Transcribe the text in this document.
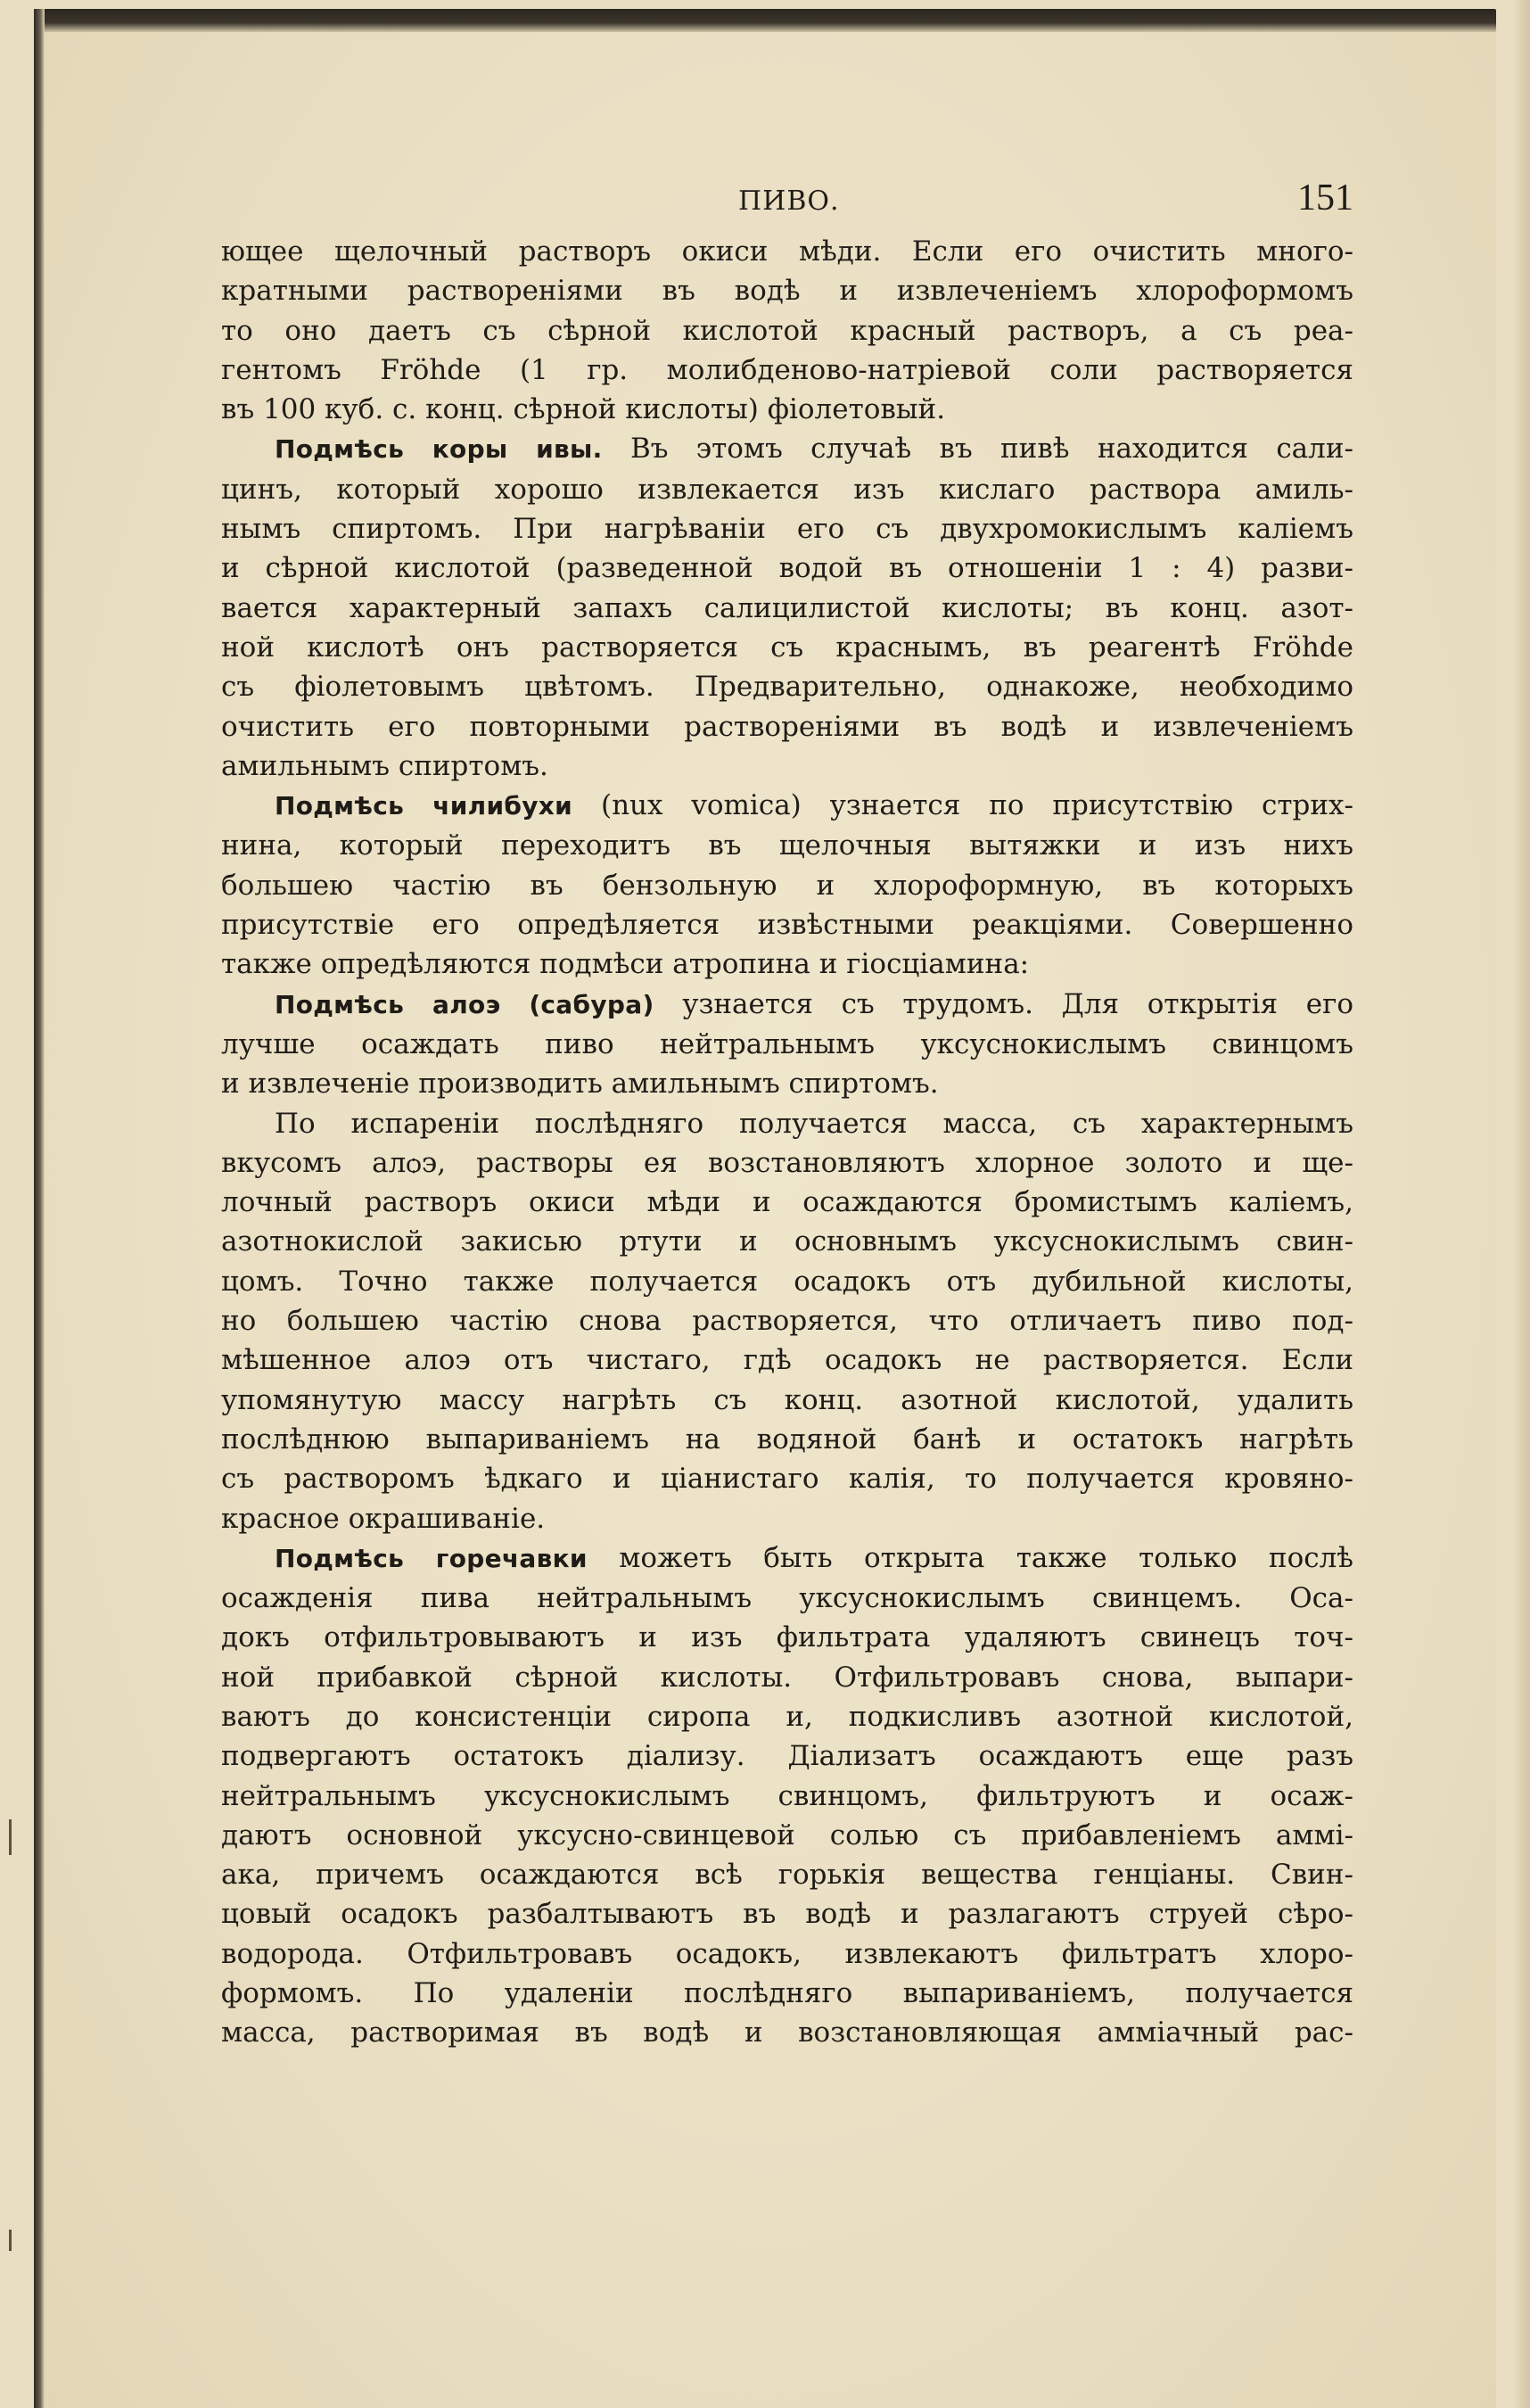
ПИВО.	151

ющее щелочный растворъ окиси мѣди. Если его очистить много-
кратными раствореніями въ водѣ и извлеченіемъ хлороформомъ
то оно даетъ съ сѣрной кислотой красный растворъ, а съ реа-
гентомъ Fröhde (1 гр. молибденово-натріевой соли растворяется
въ 100 куб. с. конц. сѣрной кислоты) фіолетовый.

Подмѣсь коры ивы. Въ этомъ случаѣ въ пивѣ находится сали-
цинъ, который хорошо извлекается изъ кислаго раствора амиль-
нымъ спиртомъ. При нагрѣваніи его съ двухромокислымъ каліемъ
и сѣрной кислотой (разведенной водой въ отношеніи 1 : 4) разви-
вается характерный запахъ салицилистой кислоты; въ конц. азот-
ной кислотѣ онъ растворяется съ краснымъ, въ реагентѣ Fröhde
съ фіолетовымъ цвѣтомъ. Предварительно, однакоже, необходимо
очистить его повторными раствореніями въ водѣ и извлеченіемъ
амильнымъ спиртомъ.

Подмѣсь чилибухи (nux vomica) узнается по присутствію стрих-
нина, который переходитъ въ щелочныя вытяжки и изъ нихъ
большею частію въ бензольную и хлороформную, въ которыхъ
присутствіе его опредѣляется извѣстными реакціями. Совершенно
также опредѣляются подмѣси атропина и гіосціамина:

Подмѣсь алоэ (сабура) узнается съ трудомъ. Для открытія его
лучше осаждать пиво нейтральнымъ уксуснокислымъ свинцомъ
и извлеченіе производить амильнымъ спиртомъ.

По испареніи послѣдняго получается масса, съ характернымъ
вкусомъ алѻэ, растворы ея возстановляютъ хлорное золото и ще-
лочный растворъ окиси мѣди и осаждаются бромистымъ каліемъ,
азотнокислой закисью ртути и основнымъ уксуснокислымъ свин-
цомъ. Точно также получается осадокъ отъ дубильной кислоты,
но большею частію снова растворяется, что отличаетъ пиво под-
мѣшенное алоэ отъ чистаго, гдѣ осадокъ не растворяется. Если
упомянутую массу нагрѣть съ конц. азотной кислотой, удалить
послѣднюю выпариваніемъ на водяной банѣ и остатокъ нагрѣть
съ растворомъ ѣдкаго и ціанистаго калія, то получается кровяно-
красное окрашиваніе.

Подмѣсь горечавки можетъ быть открыта также только послѣ
осажденія пива нейтральнымъ уксуснокислымъ свинцемъ. Оса-
докъ отфильтровываютъ и изъ фильтрата удаляютъ свинецъ точ-
ной прибавкой сѣрной кислоты. Отфильтровавъ снова, выпари-
ваютъ до консистенціи сиропа и, подкисливъ азотной кислотой,
подвергаютъ остатокъ діализу. Діализатъ осаждаютъ еще разъ
нейтральнымъ уксуснокислымъ свинцомъ, фильтруютъ и осаж-
даютъ основной уксусно-свинцевой солью съ прибавленіемъ аммі-
ака, причемъ осаждаются всѣ горькія вещества генціаны. Свин-
цовый осадокъ разбалтываютъ въ водѣ и разлагаютъ струей сѣро-
водорода. Отфильтровавъ осадокъ, извлекаютъ фильтратъ хлоро-
формомъ. По удаленіи послѣдняго выпариваніемъ, получается
масса, растворимая въ водѣ и возстановляющая аммiачный рас-
